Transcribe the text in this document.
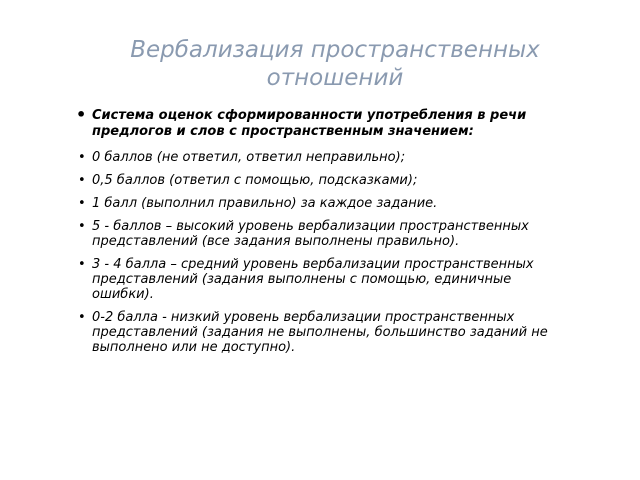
Вербализация пространственных отношений
• Система оценок сформированности употребления в речи предлогов и слов с пространственным значением:
• 0 баллов (не ответил, ответил неправильно);
• 0,5 баллов (ответил с помощью, подсказками);
• 1 балл (выполнил правильно) за каждое задание.
• 5 - баллов – высокий уровень вербализации пространственных представлений (все задания выполнены правильно).
• 3 - 4 балла – средний уровень вербализации пространственных представлений (задания выполнены с помощью, единичные ошибки).
• 0-2 балла - низкий уровень вербализации пространственных представлений (задания не выполнены, большинство заданий не выполнено или не доступно).
